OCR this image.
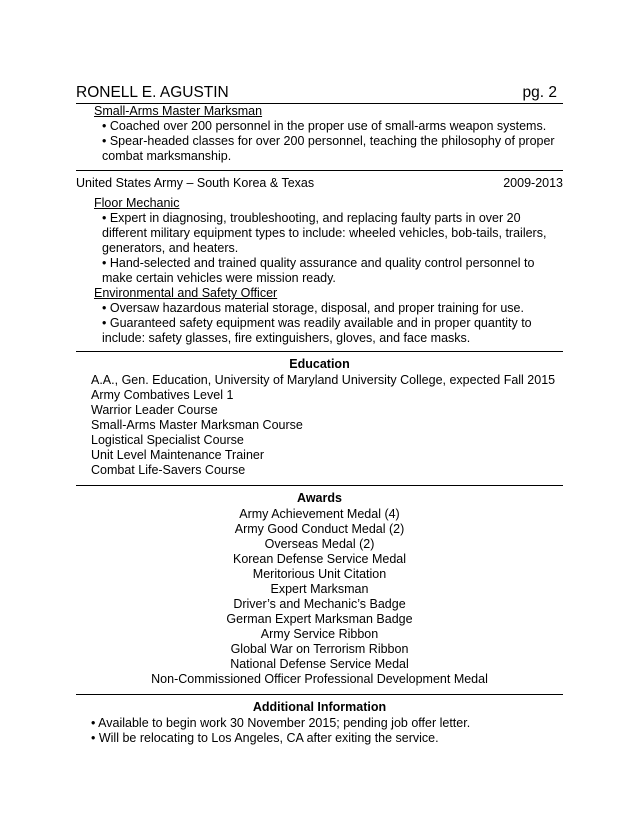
RONELL E. AGUSTIN	pg. 2
Small-Arms Master Marksman
• Coached over 200 personnel in the proper use of small-arms weapon systems.
• Spear-headed classes for over 200 personnel, teaching the philosophy of proper
combat marksmanship.
United States Army – South Korea & Texas	2009-2013
Floor Mechanic
• Expert in diagnosing, troubleshooting, and replacing faulty parts in over 20
different military equipment types to include: wheeled vehicles, bob-tails, trailers,
generators, and heaters.
• Hand-selected and trained quality assurance and quality control personnel to
make certain vehicles were mission ready.
Environmental and Safety Officer
• Oversaw hazardous material storage, disposal, and proper training for use.
• Guaranteed safety equipment was readily available and in proper quantity to
include: safety glasses, fire extinguishers, gloves, and face masks.
Education
A.A., Gen. Education, University of Maryland University College, expected Fall 2015
Army Combatives Level 1
Warrior Leader Course
Small-Arms Master Marksman Course
Logistical Specialist Course
Unit Level Maintenance Trainer
Combat Life-Savers Course
Awards
Army Achievement Medal (4)
Army Good Conduct Medal (2)
Overseas Medal (2)
Korean Defense Service Medal
Meritorious Unit Citation
Expert Marksman
Driver’s and Mechanic’s Badge
German Expert Marksman Badge
Army Service Ribbon
Global War on Terrorism Ribbon
National Defense Service Medal
Non-Commissioned Officer Professional Development Medal
Additional Information
• Available to begin work 30 November 2015; pending job offer letter.
• Will be relocating to Los Angeles, CA after exiting the service.
